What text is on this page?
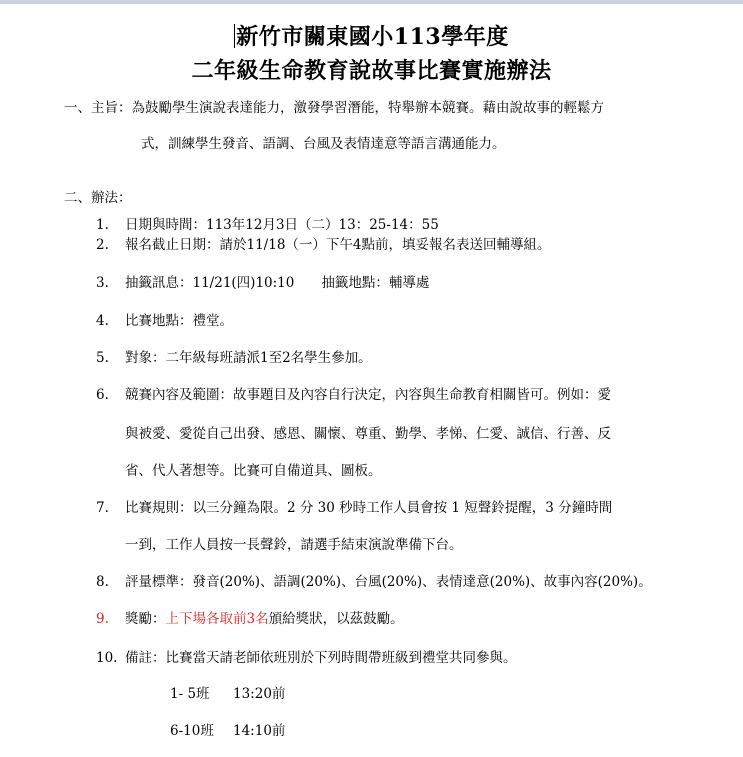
新竹市關東國小113學年度
二年級生命教育說故事比賽實施辦法
一、主旨：為鼓勵學生演說表達能力，激發學習潛能，特舉辦本競賽。藉由說故事的輕鬆方
式，訓練學生發音、語調、台風及表情達意等語言溝通能力。
二、辦法：
1. 日期與時間：113年12月3日（二）13：25-14：55
2. 報名截止日期：請於11/18（一）下午4點前，填妥報名表送回輔導組。
3. 抽籤訊息：11/21(四)10:10　　抽籤地點：輔導處
4. 比賽地點：禮堂。
5. 對象：二年級每班請派1至2名學生參加。
6. 競賽內容及範圍：故事題目及內容自行決定，內容與生命教育相關皆可。例如：愛
與被愛、愛從自己出發、感恩、關懷、尊重、勤學、孝悌、仁愛、誠信、行善、反
省、代人著想等。比賽可自備道具、圖板。
7. 比賽規則：以三分鐘為限。2 分 30 秒時工作人員會按 1 短聲鈴提醒，3 分鐘時間
一到，工作人員按一長聲鈴，請選手結束演說準備下台。
8. 評量標準：發音(20%)、語調(20%)、台風(20%)、表情達意(20%)、故事內容(20%)。
9. 獎勵：上下場各取前3名頒給獎狀，以茲鼓勵。
10. 備註：比賽當天請老師依班別於下列時間帶班級到禮堂共同參與。
1- 5班 13:20前
6-10班 14:10前
